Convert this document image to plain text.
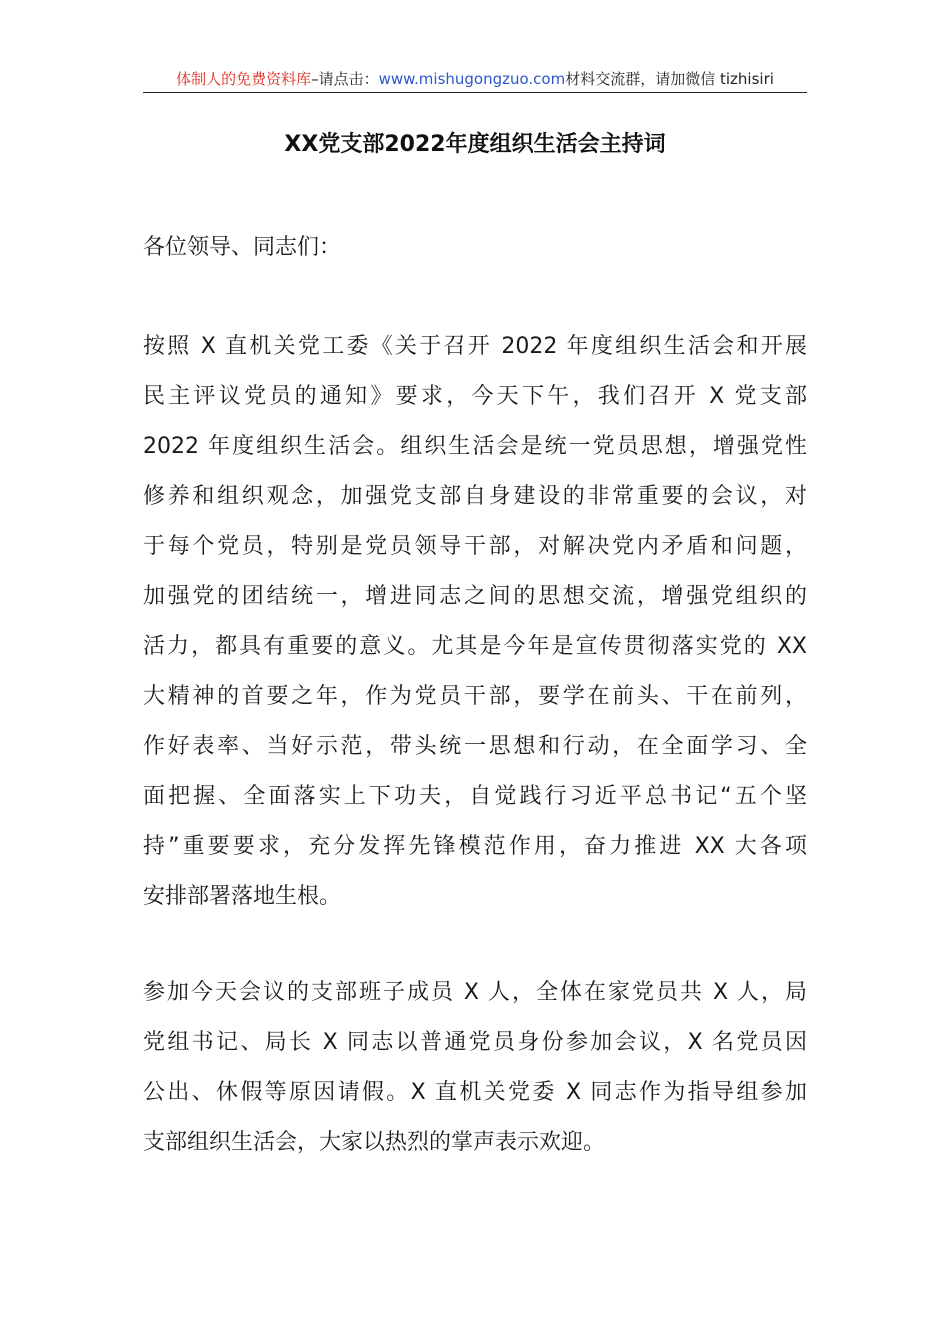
体制人的免费资料库–请点击：www.mishugongzuo.com材料交流群，请加微信 tizhisiri
XX党支部2022年度组织生活会主持词
各位领导、同志们：
按照 X 直机关党工委《关于召开 2022 年度组织生活会和开展
民主评议党员的通知》要求，今天下午，我们召开 X 党支部
2022 年度组织生活会。组织生活会是统一党员思想，增强党性
修养和组织观念，加强党支部自身建设的非常重要的会议，对
于每个党员，特别是党员领导干部，对解决党内矛盾和问题，
加强党的团结统一，增进同志之间的思想交流，增强党组织的
活力，都具有重要的意义。尤其是今年是宣传贯彻落实党的 XX
大精神的首要之年，作为党员干部，要学在前头、干在前列，
作好表率、当好示范，带头统一思想和行动，在全面学习、全
面把握、全面落实上下功夫，自觉践行习近平总书记“五个坚
持”重要要求，充分发挥先锋模范作用，奋力推进 XX 大各项
安排部署落地生根。
参加今天会议的支部班子成员 X 人，全体在家党员共 X 人，局
党组书记、局长 X 同志以普通党员身份参加会议，X 名党员因
公出、休假等原因请假。X 直机关党委 X 同志作为指导组参加
支部组织生活会，大家以热烈的掌声表示欢迎。
